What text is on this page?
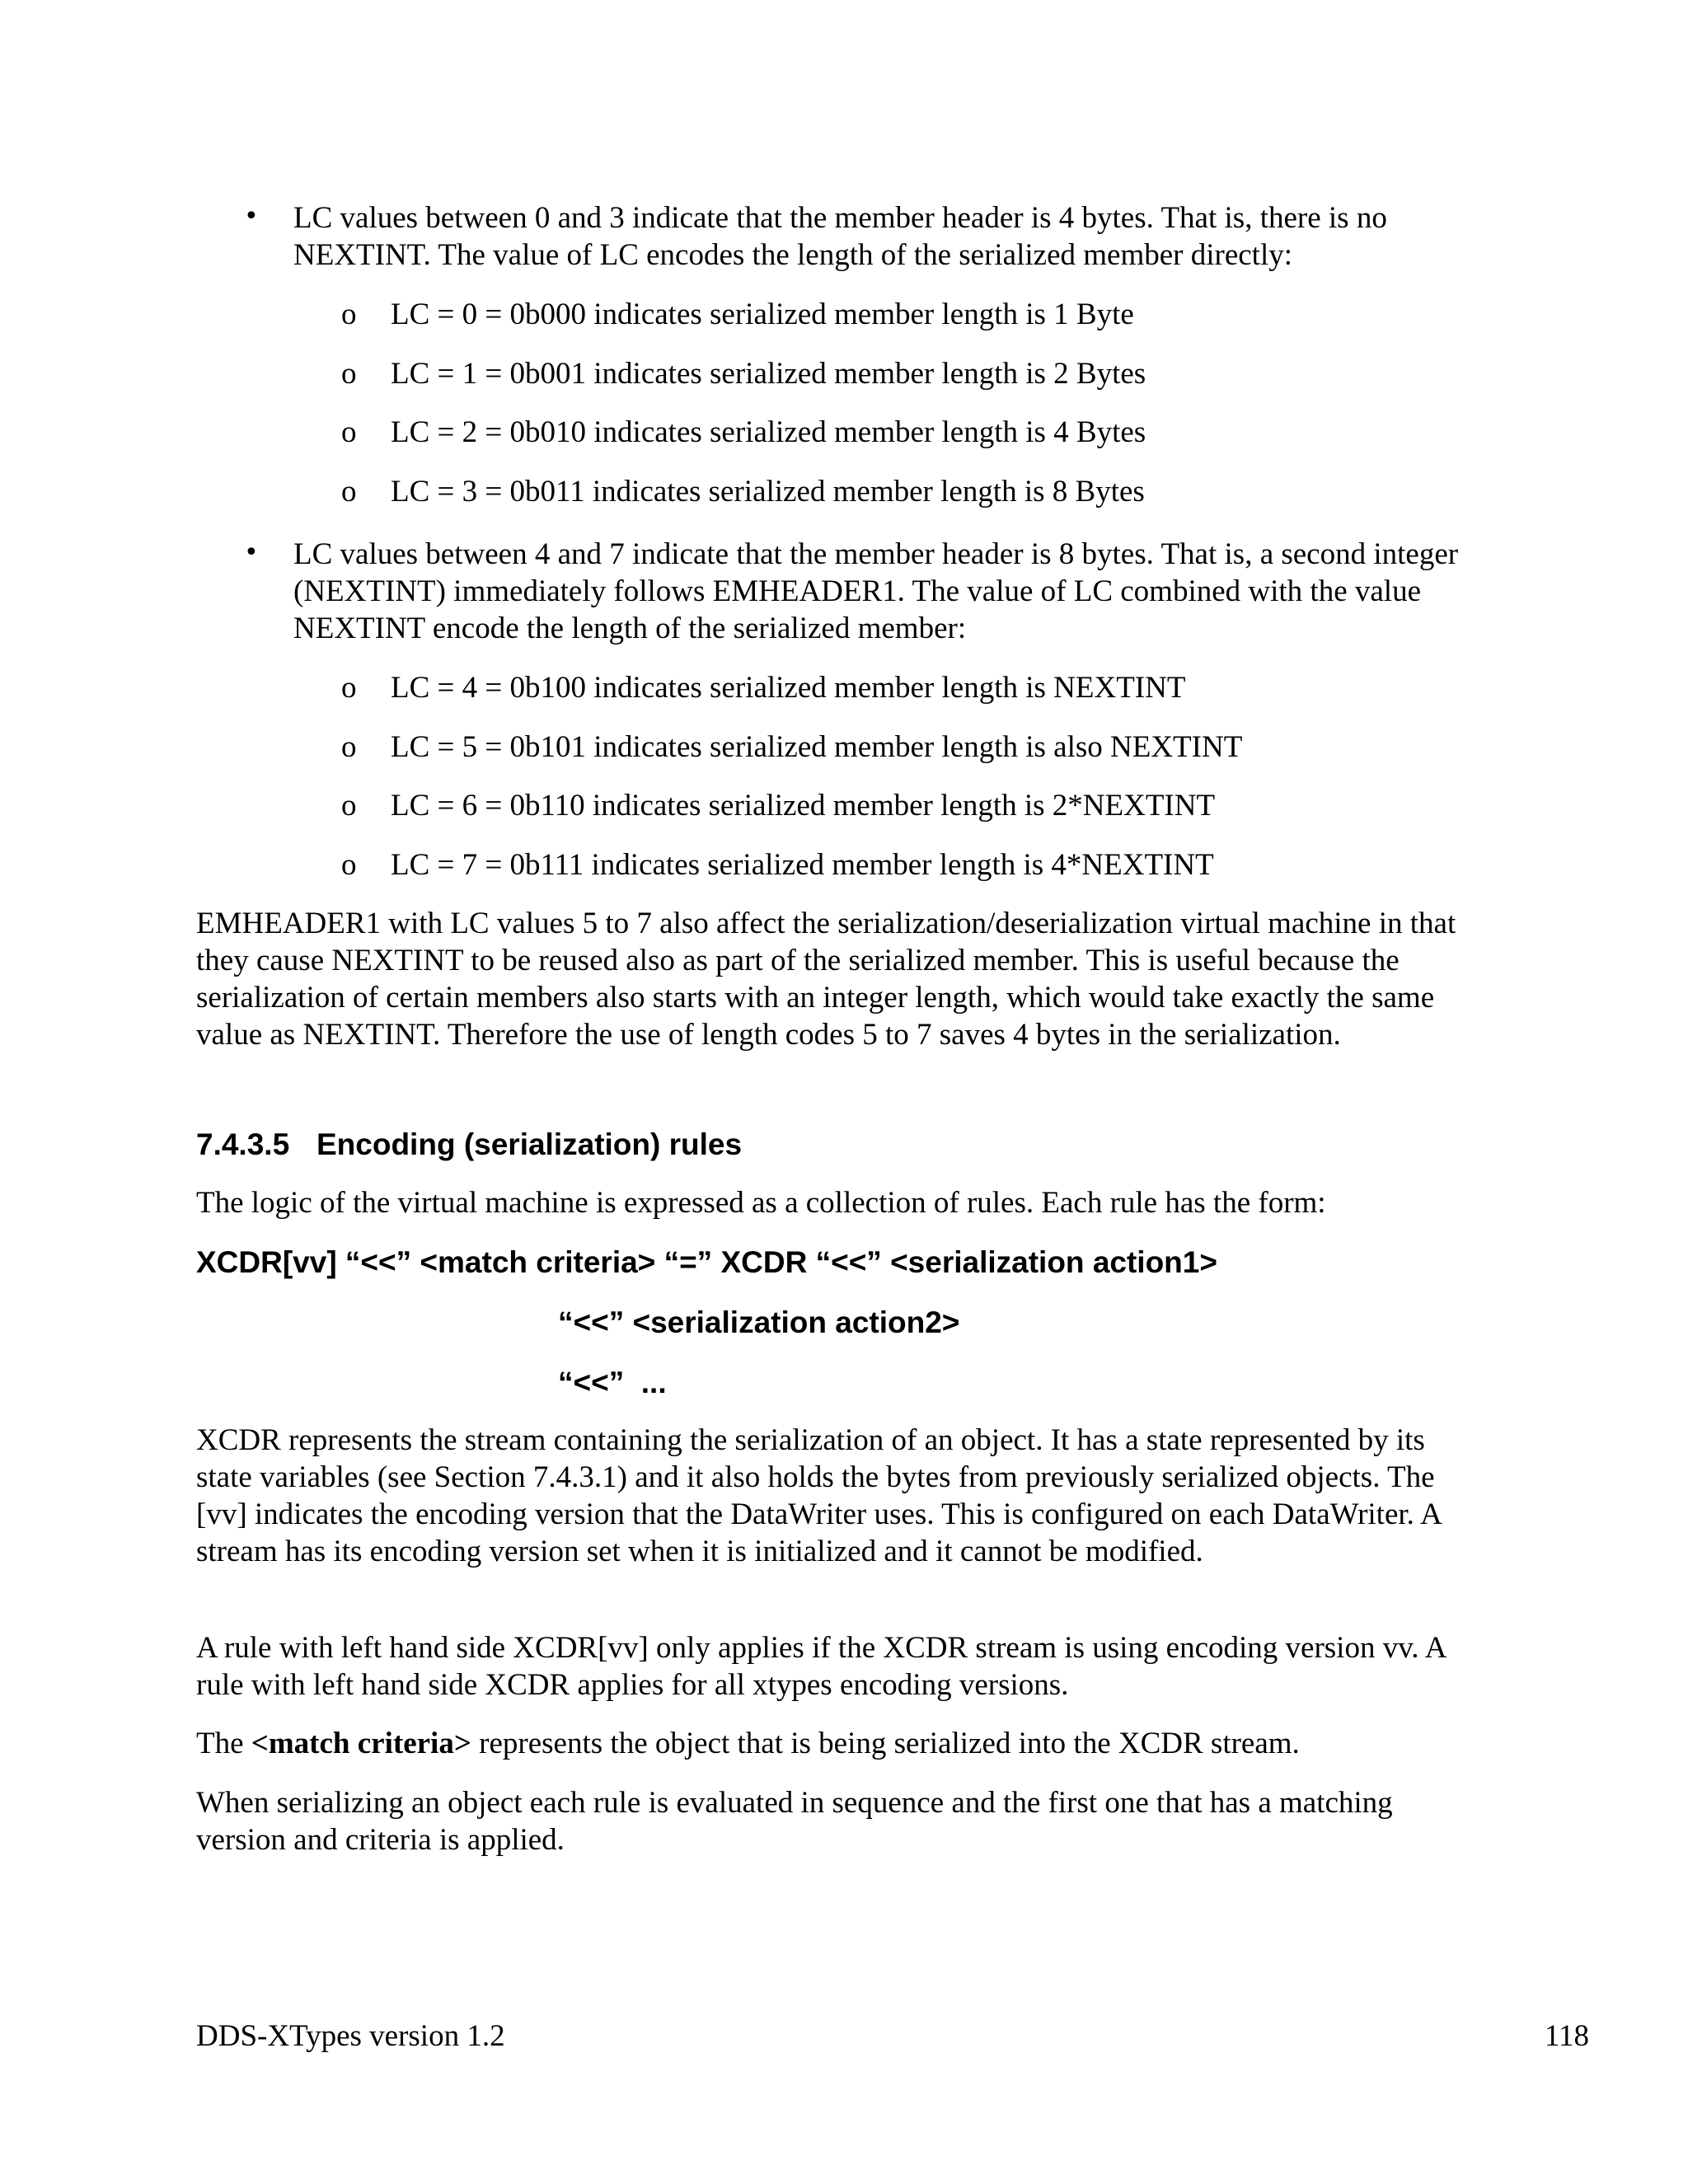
• LC values between 0 and 3 indicate that the member header is 4 bytes. That is, there is no NEXTINT. The value of LC encodes the length of the serialized member directly:
o LC = 0 = 0b000 indicates serialized member length is 1 Byte
o LC = 1 = 0b001 indicates serialized member length is 2 Bytes
o LC = 2 = 0b010 indicates serialized member length is 4 Bytes
o LC = 3 = 0b011 indicates serialized member length is 8 Bytes
• LC values between 4 and 7 indicate that the member header is 8 bytes. That is, a second integer (NEXTINT) immediately follows EMHEADER1. The value of LC combined with the value NEXTINT encode the length of the serialized member:
o LC = 4 = 0b100 indicates serialized member length is NEXTINT
o LC = 5 = 0b101 indicates serialized member length is also NEXTINT
o LC = 6 = 0b110 indicates serialized member length is 2*NEXTINT
o LC = 7 = 0b111 indicates serialized member length is 4*NEXTINT
EMHEADER1 with LC values 5 to 7 also affect the serialization/deserialization virtual machine in that they cause NEXTINT to be reused also as part of the serialized member. This is useful because the serialization of certain members also starts with an integer length, which would take exactly the same value as NEXTINT. Therefore the use of length codes 5 to 7 saves 4 bytes in the serialization.
7.4.3.5 Encoding (serialization) rules
The logic of the virtual machine is expressed as a collection of rules. Each rule has the form:
XCDR[vv] “<<” <match criteria> “=” XCDR “<<” <serialization action1>
“<<” <serialization action2>
“<<”  ...
XCDR represents the stream containing the serialization of an object. It has a state represented by its state variables (see Section 7.4.3.1) and it also holds the bytes from previously serialized objects. The [vv] indicates the encoding version that the DataWriter uses. This is configured on each DataWriter. A stream has its encoding version set when it is initialized and it cannot be modified.
A rule with left hand side XCDR[vv] only applies if the XCDR stream is using encoding version vv. A rule with left hand side XCDR applies for all xtypes encoding versions.
The <match criteria> represents the object that is being serialized into the XCDR stream.
When serializing an object each rule is evaluated in sequence and the first one that has a matching version and criteria is applied.
DDS-XTypes version 1.2	118
